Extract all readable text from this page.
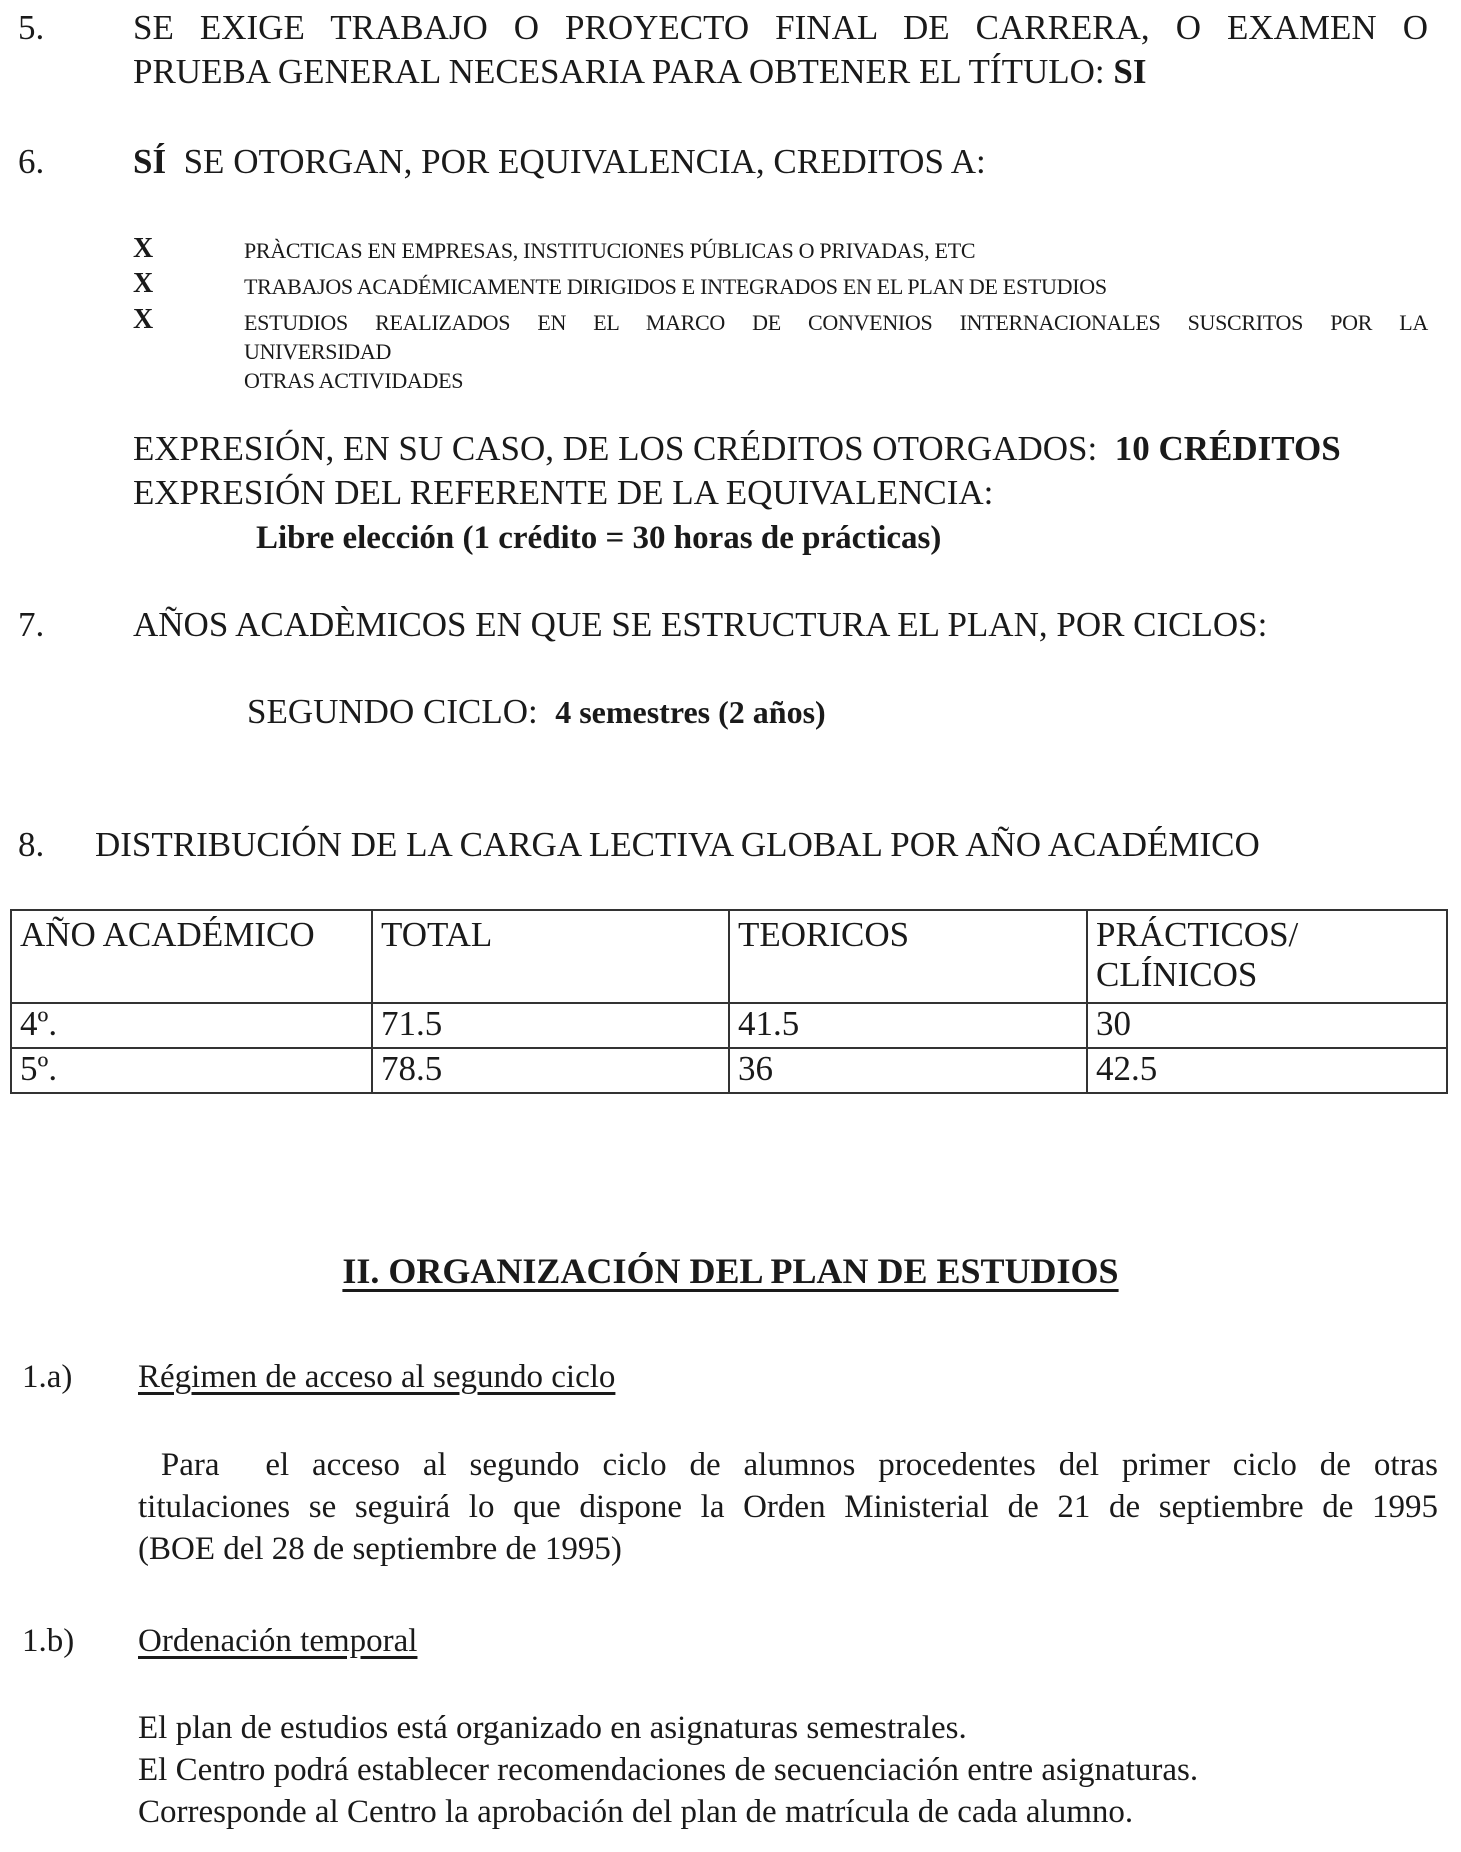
5.	SE EXIGE TRABAJO O PROYECTO FINAL DE CARRERA, O EXAMEN O
PRUEBA GENERAL NECESARIA PARA OBTENER EL TÍTULO: SI
6.	SÍ SE OTORGAN, POR EQUIVALENCIA, CREDITOS A:
X	PRÀCTICAS EN EMPRESAS, INSTITUCIONES PÚBLICAS O PRIVADAS, ETC
X	TRABAJOS ACADÉMICAMENTE DIRIGIDOS E INTEGRADOS EN EL PLAN DE ESTUDIOS
X	ESTUDIOS REALIZADOS EN EL MARCO DE CONVENIOS INTERNACIONALES SUSCRITOS POR LA
UNIVERSIDAD
OTRAS ACTIVIDADES
EXPRESIÓN, EN SU CASO, DE LOS CRÉDITOS OTORGADOS: 10 CRÉDITOS
EXPRESIÓN DEL REFERENTE DE LA EQUIVALENCIA:
Libre elección (1 crédito = 30 horas de prácticas)
7.	AÑOS ACADÈMICOS EN QUE SE ESTRUCTURA EL PLAN, POR CICLOS:
SEGUNDO CICLO: 4 semestres (2 años)
8. DISTRIBUCIÓN DE LA CARGA LECTIVA GLOBAL POR AÑO ACADÉMICO
AÑO ACADÉMICO	TOTAL	TEORICOS	PRÁCTICOS/
CLÍNICOS
4º.	71.5	41.5	30
5º.	78.5	36	42.5
II. ORGANIZACIÓN DEL PLAN DE ESTUDIOS
1.a) Régimen de acceso al segundo ciclo
Para  el acceso al segundo ciclo de alumnos procedentes del primer ciclo de otras
titulaciones se seguirá lo que dispone la Orden Ministerial de 21 de septiembre de 1995
(BOE del 28 de septiembre de 1995)
1.b) Ordenación temporal
El plan de estudios está organizado en asignaturas semestrales.
El Centro podrá establecer recomendaciones de secuenciación entre asignaturas.
Corresponde al Centro la aprobación del plan de matrícula de cada alumno.
